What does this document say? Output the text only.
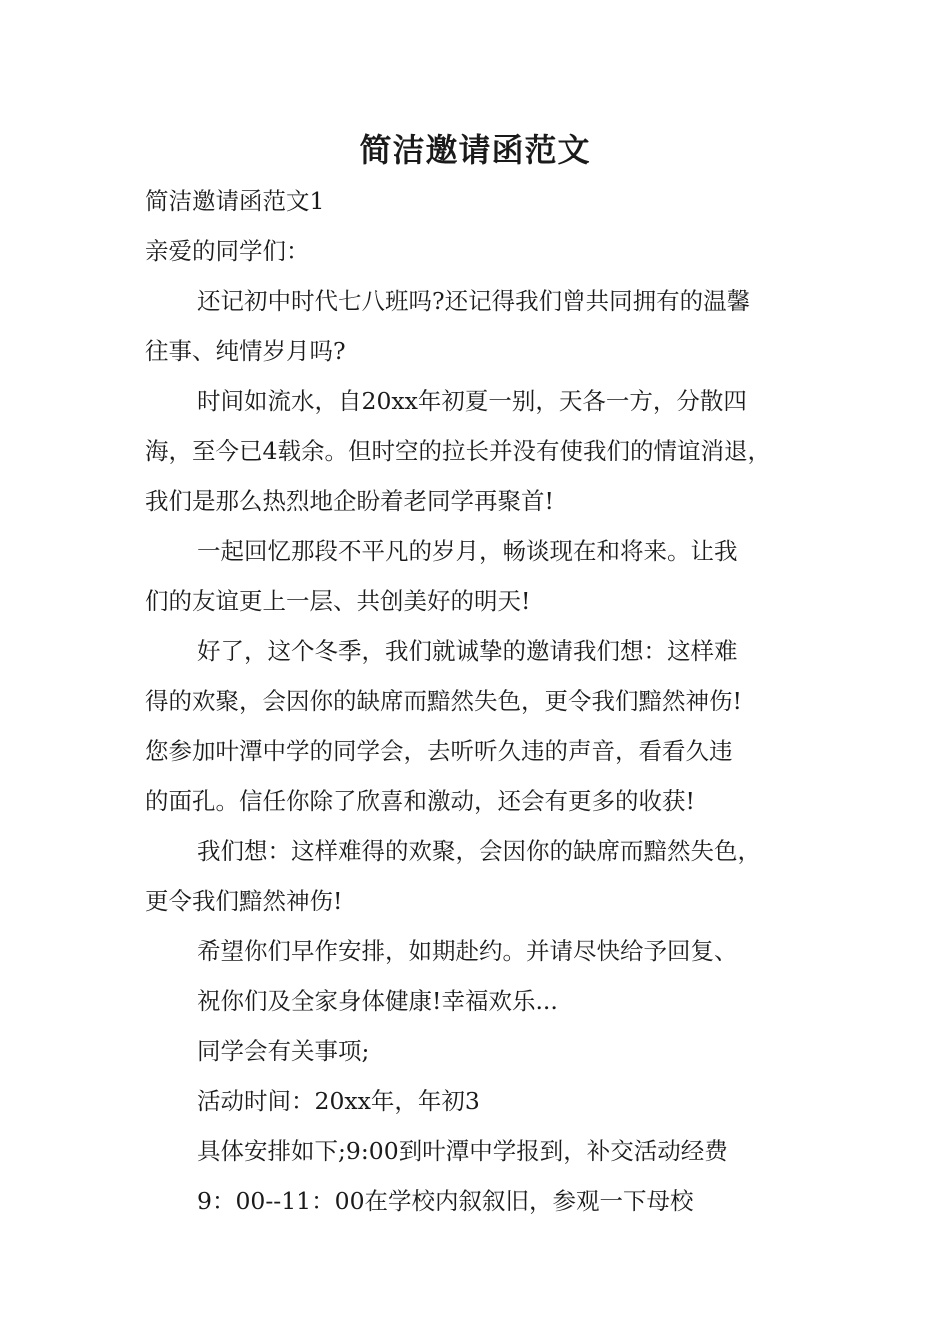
简洁邀请函范文
简洁邀请函范文1
亲爱的同学们：
还记初中时代七八班吗?还记得我们曾共同拥有的温馨
往事、纯情岁月吗?
时间如流水，自20xx年初夏一别，天各一方，分散四
海，至今已4载余。但时空的拉长并没有使我们的情谊消退，
我们是那么热烈地企盼着老同学再聚首!
一起回忆那段不平凡的岁月，畅谈现在和将来。让我
们的友谊更上一层、共创美好的明天!
好了，这个冬季，我们就诚挚的邀请我们想：这样难
得的欢聚，会因你的缺席而黯然失色，更令我们黯然神伤!
您参加叶潭中学的同学会，去听听久违的声音，看看久违
的面孔。信任你除了欣喜和激动，还会有更多的收获!
我们想：这样难得的欢聚，会因你的缺席而黯然失色，
更令我们黯然神伤!
希望你们早作安排，如期赴约。并请尽快给予回复、
祝你们及全家身体健康!幸福欢乐...
同学会有关事项;
活动时间：20xx年，年初3
具体安排如下;9:00到叶潭中学报到，补交活动经费
9：00--11：00在学校内叙叙旧，参观一下母校
